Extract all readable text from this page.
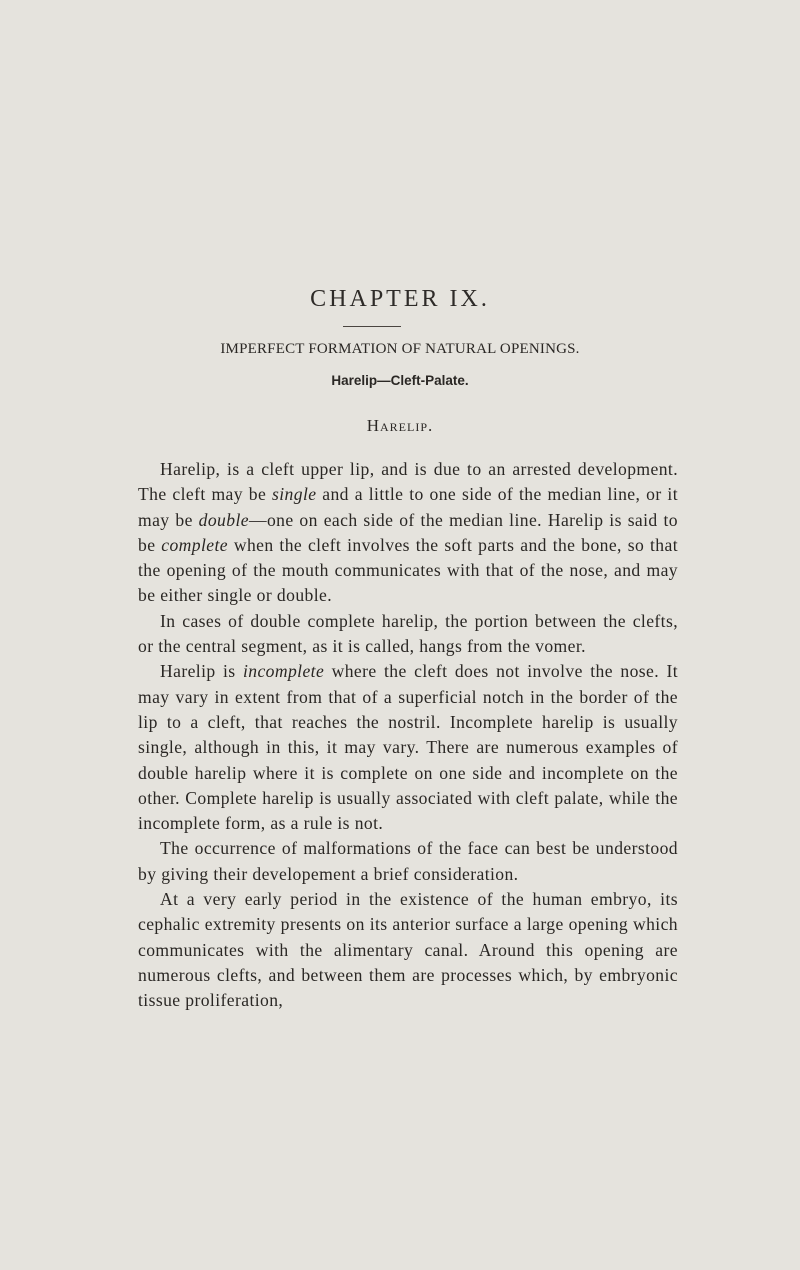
CHAPTER IX.
IMPERFECT FORMATION OF NATURAL OPENINGS.
Harelip—Cleft-Palate.
Harelip.

Harelip, is a cleft upper lip, and is due to an arrested development. The cleft may be single and a little to one side of the median line, or it may be double—one on each side of the median line. Harelip is said to be complete when the cleft involves the soft parts and the bone, so that the opening of the mouth communicates with that of the nose, and may be either single or double.

In cases of double complete harelip, the portion between the clefts, or the central segment, as it is called, hangs from the vomer.

Harelip is incomplete where the cleft does not involve the nose. It may vary in extent from that of a superficial notch in the border of the lip to a cleft, that reaches the nostril. Incomplete harelip is usually single, although in this, it may vary. There are numerous examples of double harelip where it is complete on one side and incomplete on the other. Complete harelip is usually associated with cleft palate, while the incomplete form, as a rule is not.

The occurrence of malformations of the face can best be understood by giving their developement a brief consideration.

At a very early period in the existence of the human embryo, its cephalic extremity presents on its anterior surface a large opening which communicates with the alimentary canal. Around this opening are numerous clefts, and between them are processes which, by embryonic tissue proliferation,
